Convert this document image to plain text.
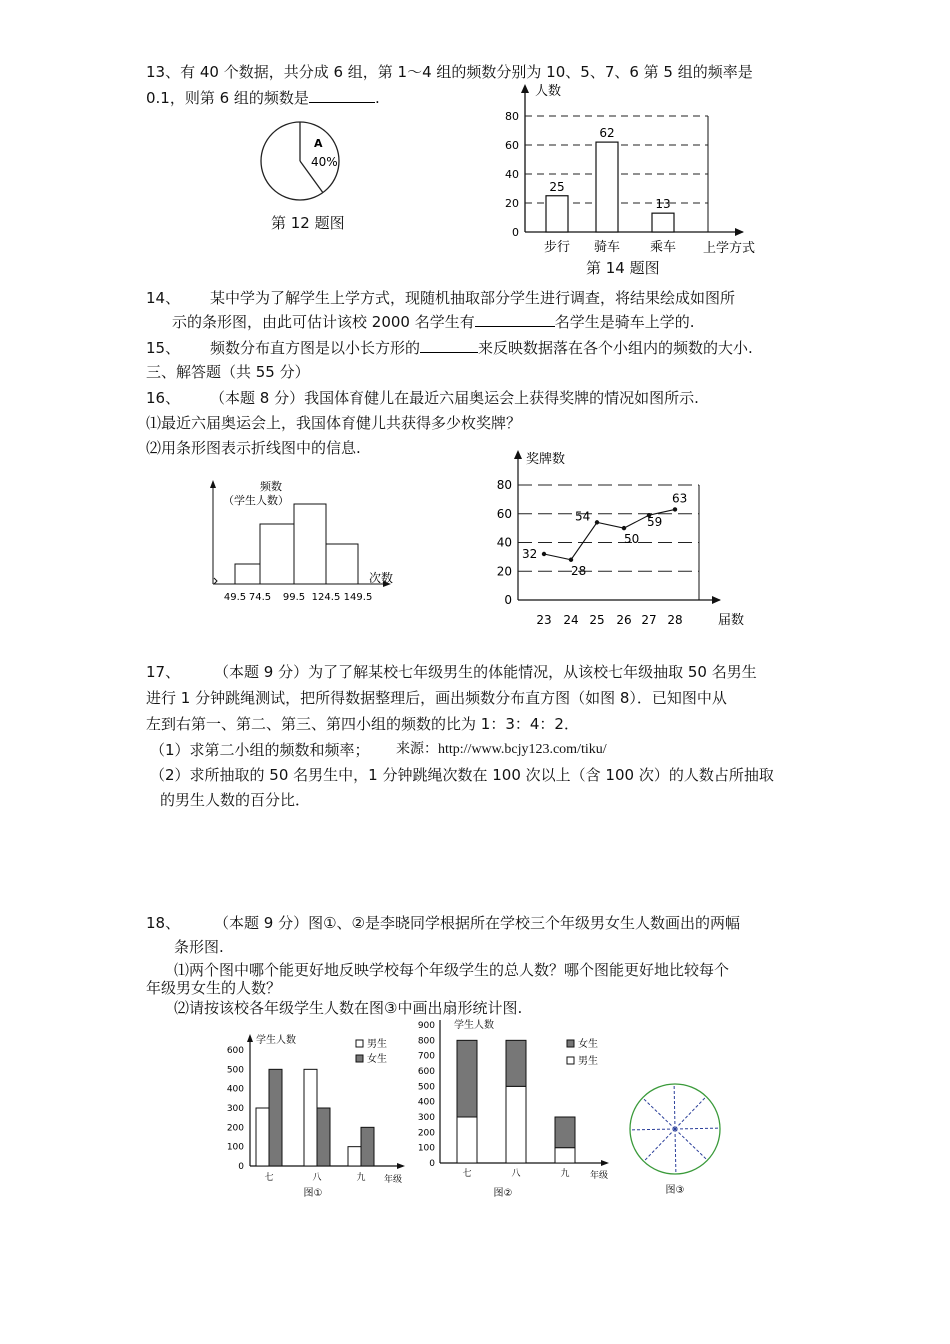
13、有 40 个数据，共分成 6 组，第 1～4 组的频数分别为 10、5、7、6 第 5 组的频率是
0.1，则第 6 组的频数是	.
A
40%
第 12 题图
0
20
40
60
80
人数
上学方式
25
步行
62
骑车
13
乘车
第 14 题图
14、 某中学为了解学生上学方式，现随机抽取部分学生进行调查，将结果绘成如图所
示的条形图，由此可估计该校 2000 名学生有	名学生是骑车上学的.
15、 频数分布直方图是以小长方形的	来反映数据落在各个小组内的频数的大小.
三、解答题（共 55 分）
16、 （本题 8 分）我国体育健儿在最近六届奥运会上获得奖牌的情况如图所示.
⑴最近六届奥运会上，我国体育健儿共获得多少枚奖牌？
⑵用条形图表示折线图中的信息.
频数
（学生人数）
次数
49.5 74.5 99.5 124.5 149.5	0
20
40
60
80
奖牌数
届数
32
23
28
24
54
25
50
26
59
27
63
28
17、 （本题 9 分）为了了解某校七年级男生的体能情况，从该校七年级抽取 50 名男生
进行 1 分钟跳绳测试，把所得数据整理后，画出频数分布直方图（如图 8）．已知图中从
左到右第一、第二、第三、第四小组的频数的比为 1：3：4：2．
（1）求第二小组的频数和频率； 来源：http://www.bcjy123.com/tiku/
（2）求所抽取的 50 名男生中，1 分钟跳绳次数在 100 次以上（含 100 次）的人数占所抽取
的男生人数的百分比．
18、 （本题 9 分）图①、②是李晓同学根据所在学校三个年级男女生人数画出的两幅
条形图.
⑴两个图中哪个能更好地反映学校每个年级学生的总人数？哪个图能更好地比较每个
年级男女生的人数？
⑵请按该校各年级学生人数在图③中画出扇形统计图.
学生人数
年级
0
100
200
300
400
500
600
七	八	九
男生
女生
图①
学生人数
年级
0
100
200
300
400
500
600
700
800
900
七	八	九
女生
男生
图②	图③
